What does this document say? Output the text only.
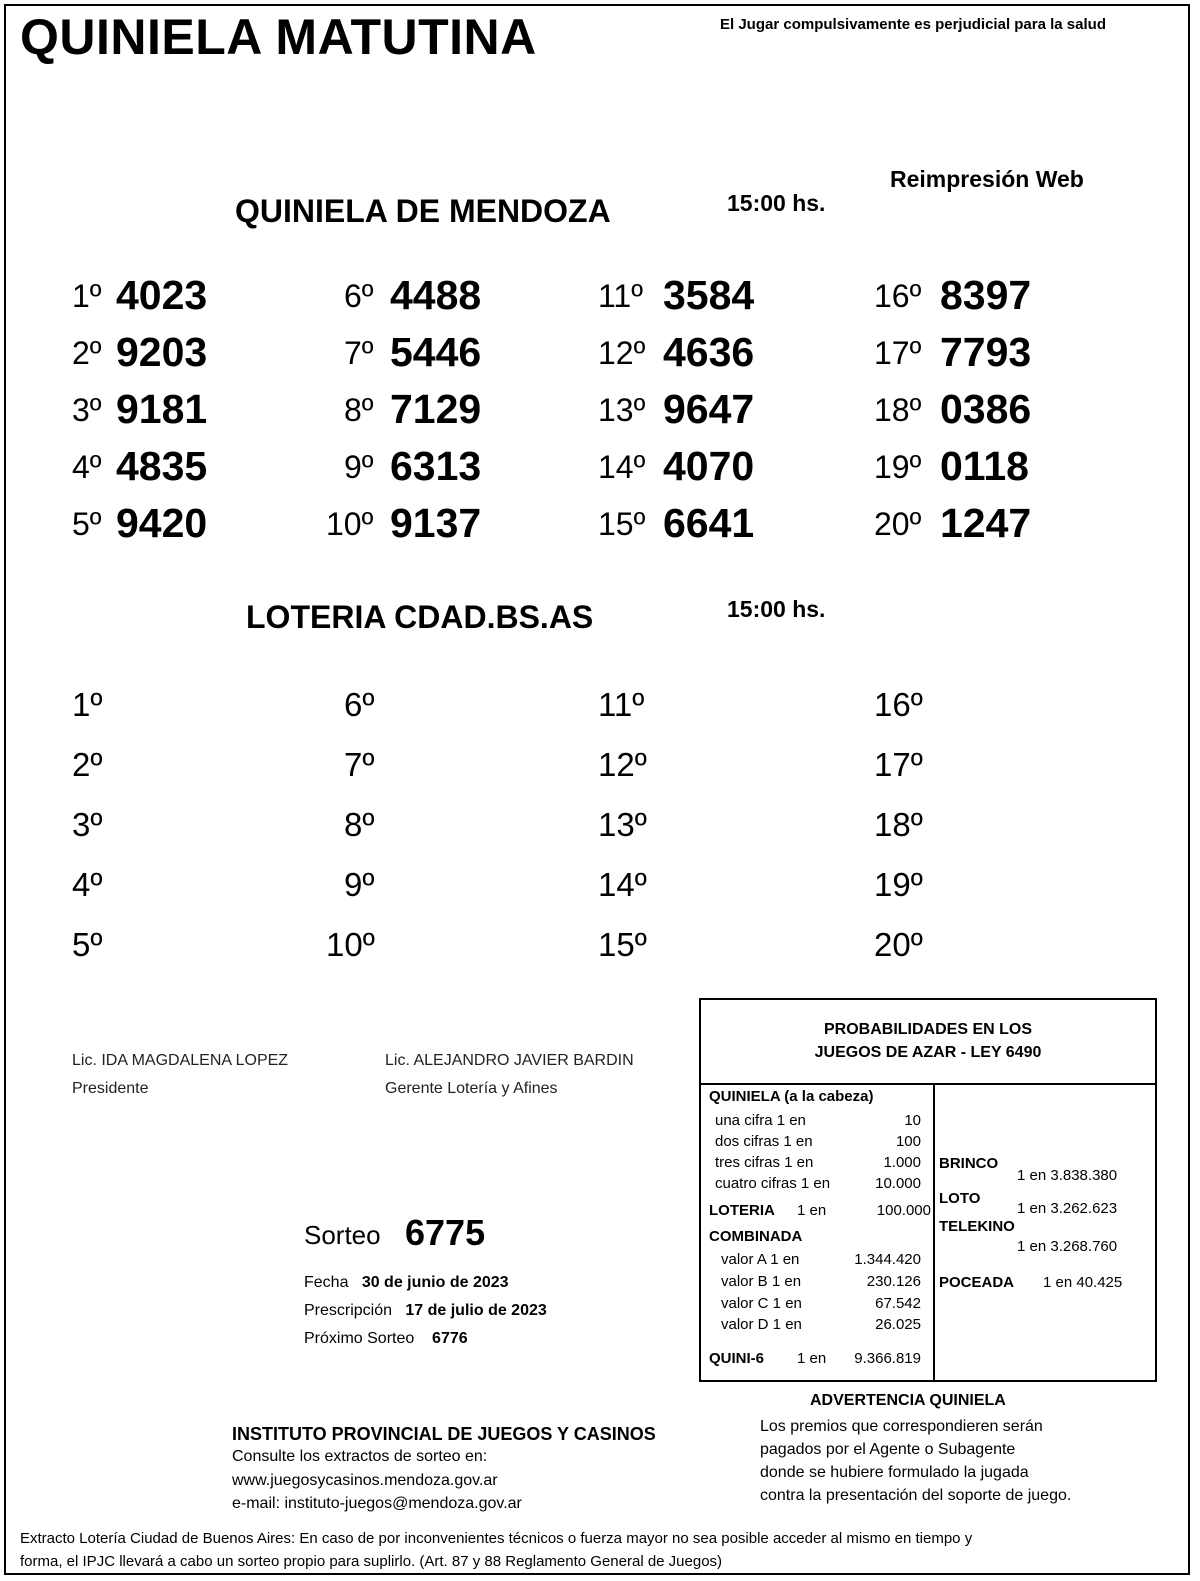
QUINIELA MATUTINA	El Jugar compulsivamente es perjudicial para la salud
Reimpresión Web
QUINIELA DE MENDOZA	15:00 hs.
1º 4023
2º 9203
3º 9181
4º 4835
5º 9420
6º 4488
7º 5446
8º 7129
9º 6313
10º 9137
11º 3584
12º 4636
13º 9647
14º 4070
15º 6641
16º 8397
17º 7793
18º 0386
19º 0118
20º 1247
LOTERIA CDAD.BS.AS	15:00 hs.
1º
2º
3º
4º
5º
6º
7º
8º
9º
10º
11º
12º
13º
14º
15º
16º
17º
18º
19º
20º
Lic. IDA MAGDALENA LOPEZ
Presidente
Lic. ALEJANDRO JAVIER BARDIN
Gerente Lotería y Afines
Sorteo 6775
Fecha 30 de junio de 2023
Prescripción 17 de julio de 2023
Próximo Sorteo 6776
PROBABILIDADES EN LOS
JUEGOS DE AZAR - LEY 6490
QUINIELA (a la cabeza)
una cifra 1 en	10
dos cifras 1 en	100
tres cifras 1 en	1.000
cuatro cifras 1 en	10.000
LOTERIA 1 en	100.000
COMBINADA
valor A 1 en	1.344.420
valor B 1 en	230.126
valor C 1 en	67.542
valor D 1 en	26.025
QUINI-6 1 en	9.366.819
BRINCO
1 en 3.838.380
LOTO
1 en 3.262.623
TELEKINO
1 en 3.268.760
POCEADA 1 en 40.425
ADVERTENCIA QUINIELA
Los premios que correspondieren serán
pagados por el Agente o Subagente
donde se hubiere formulado la jugada
contra la presentación del soporte de juego.
INSTITUTO PROVINCIAL DE JUEGOS Y CASINOS
Consulte los extractos de sorteo en:
www.juegosycasinos.mendoza.gov.ar
e-mail: instituto-juegos@mendoza.gov.ar
Extracto Lotería Ciudad de Buenos Aires: En caso de por inconvenientes técnicos o fuerza mayor no sea posible acceder al mismo en tiempo y
forma, el IPJC llevará a cabo un sorteo propio para suplirlo. (Art. 87 y 88 Reglamento General de Juegos)
